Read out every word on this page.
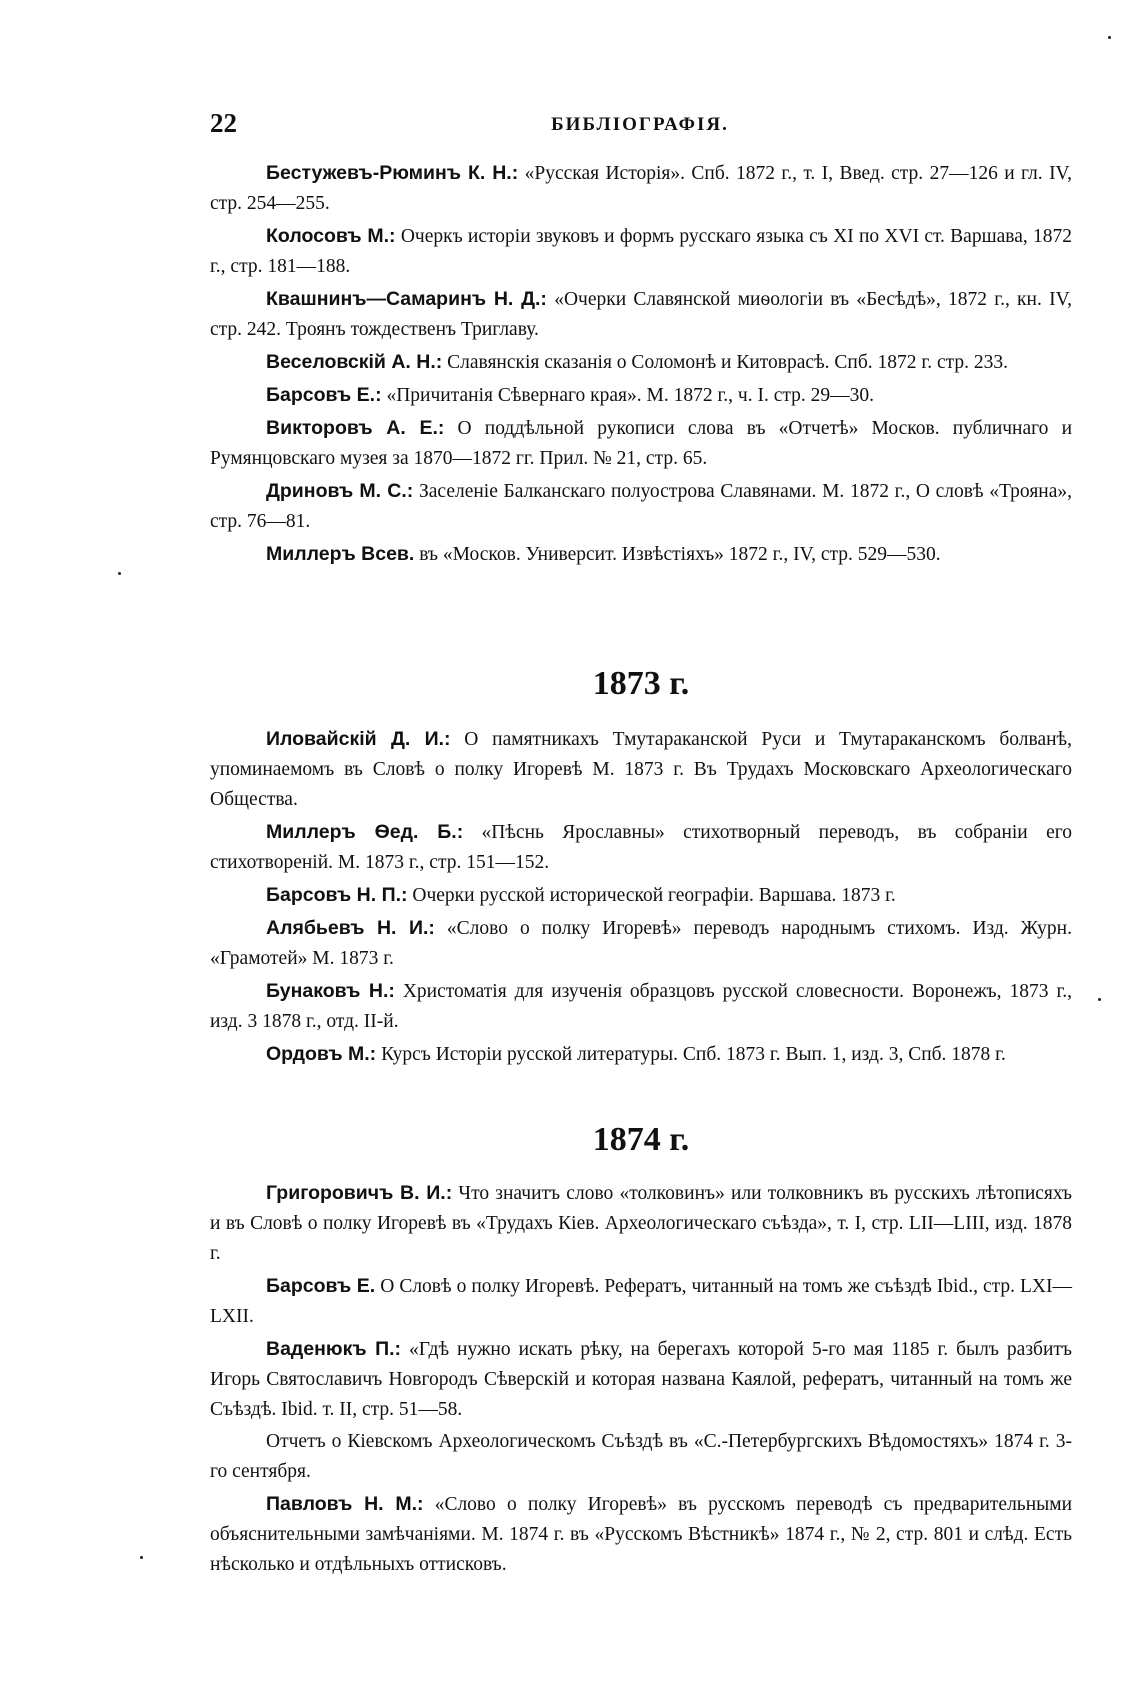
22	БИБЛІОГРАФІЯ.

Бестужевъ-Рюминъ К. Н.: «Русская Исторія». Спб. 1872 г., т. I, Введ. стр. 27—126 и гл. IV, стр. 254—255.

Колосовъ М.: Очеркъ исторіи звуковъ и формъ русскаго языка съ XI по XVI ст. Варшава, 1872 г., стр. 181—188.

Квашнинъ—Самаринъ Н. Д.: «Очерки Славянской миѳологіи въ «Бесѣдѣ», 1872 г., кн. IV, стр. 242. Троянъ тождественъ Триглаву.

Веселовскій А. Н.: Славянскія сказанія о Соломонѣ и Китоврасѣ. Спб. 1872 г. стр. 233.

Барсовъ Е.: «Причитанія Сѣвернаго края». М. 1872 г., ч. I. стр. 29—30.

Викторовъ А. Е.: О поддѣльной рукописи слова въ «Отчетѣ» Москов. публичнаго и Румянцовскаго музея за 1870—1872 гг. Прил. № 21, стр. 65.

Дриновъ М. С.: Заселеніе Балканскаго полуострова Славянами. М. 1872 г., О словѣ «Трояна», стр. 76—81.

Миллеръ Всев. въ «Москов. Университ. Извѣстіяхъ» 1872 г., IV, стр. 529—530.

1873 г.

Иловайскій Д. И.: О памятникахъ Тмутараканской Руси и Тмутараканскомъ болванѣ, упоминаемомъ въ Словѣ о полку Игоревѣ М. 1873 г. Въ Трудахъ Московскаго Археологическаго Общества.

Миллеръ Ѳед. Б.: «Пѣснь Ярославны» стихотворный переводъ, въ собраніи его стихотвореній. М. 1873 г., стр. 151—152.

Барсовъ Н. П.: Очерки русской исторической географіи. Варшава. 1873 г.

Алябьевъ Н. И.: «Слово о полку Игоревѣ» переводъ народнымъ стихомъ. Изд. Журн. «Грамотей» М. 1873 г.

Бунаковъ Н.: Христоматія для изученія образцовъ русской словесности. Воронежъ, 1873 г., изд. 3 1878 г., отд. II-й.

Ордовъ М.: Курсъ Исторіи русской литературы. Спб. 1873 г. Вып. 1, изд. 3, Спб. 1878 г.

1874 г.

Григоровичъ В. И.: Что значитъ слово «толковинъ» или толковникъ въ русскихъ лѣтописяхъ и въ Словѣ о полку Игоревѣ въ «Трудахъ Кіев. Археологическаго съѣзда», т. I, стр. LII—LIII, изд. 1878 г.

Барсовъ Е. О Словѣ о полку Игоревѣ. Рефератъ, читанный на томъ же съѣздѣ Ibid., стр. LXI—LXII.

Ваденюкъ П.: «Гдѣ нужно искать рѣку, на берегахъ которой 5-го мая 1185 г. былъ разбитъ Игорь Святославичъ Новгородъ Сѣверскій и которая названа Каялой, рефератъ, читанный на томъ же Съѣздѣ. Ibid. т. II, стр. 51—58.

Отчетъ о Кіевскомъ Археологическомъ Съѣздѣ въ «С.-Петербургскихъ Вѣдомостяхъ» 1874 г. 3-го сентября.

Павловъ Н. М.: «Слово о полку Игоревѣ» въ русскомъ переводѣ съ предварительными объяснительными замѣчаніями. М. 1874 г. въ «Русскомъ Вѣстникѣ» 1874 г., № 2, стр. 801 и слѣд. Есть нѣсколько и отдѣльныхъ оттисковъ.
